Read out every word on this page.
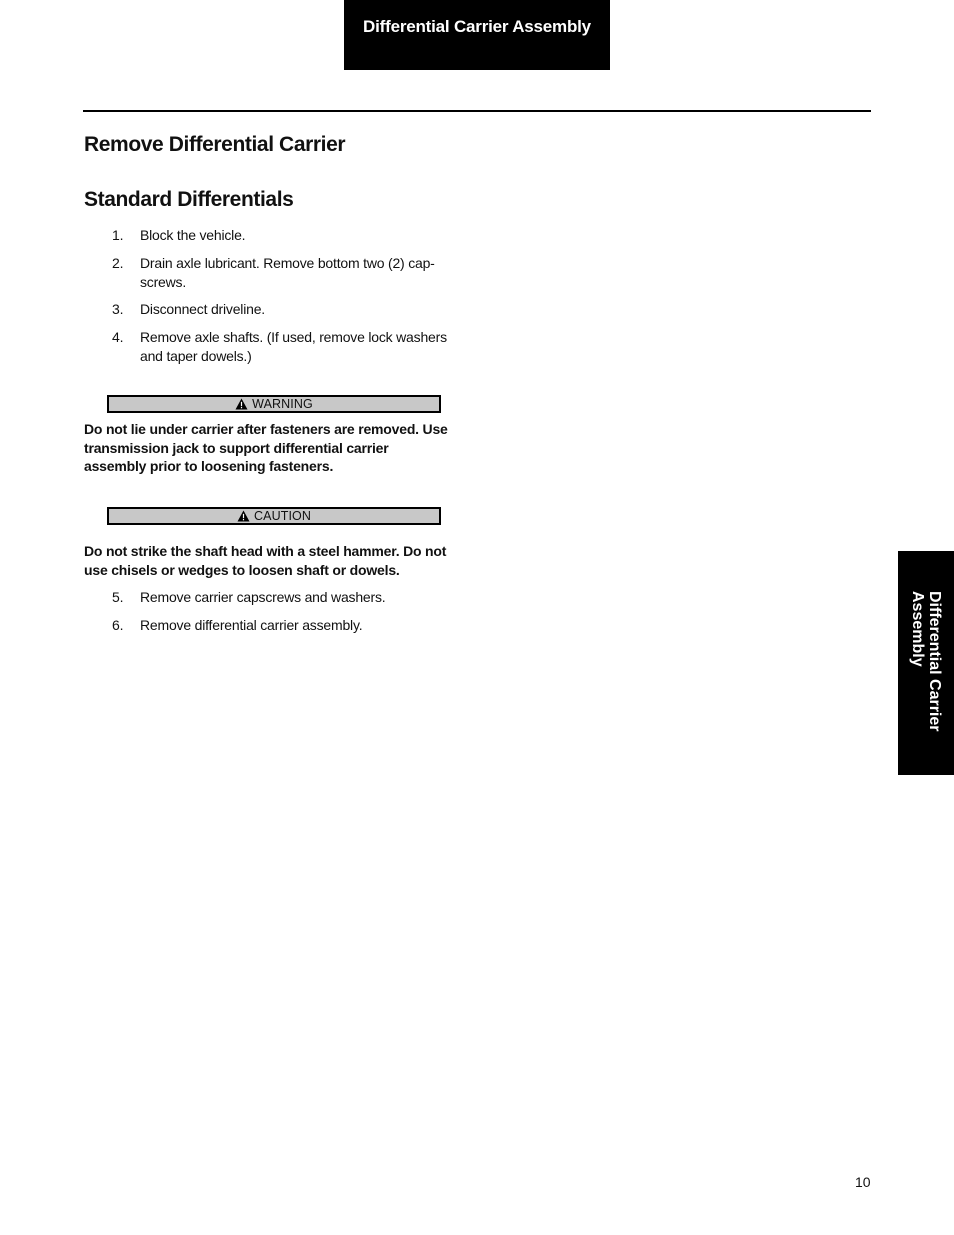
Differential Carrier Assembly
Remove Differential Carrier
Standard Differentials
1. Block the vehicle.
2. Drain axle lubricant. Remove bottom two (2) cap-screws.
3. Disconnect driveline.
4. Remove axle shafts. (If used, remove lock washers and taper dowels.)
WARNING

Do not lie under carrier after fasteners are removed. Use transmission jack to support differential carrier assembly prior to loosening fasteners.

CAUTION

Do not strike the shaft head with a steel hammer. Do not use chisels or wedges to loosen shaft or dowels.

5. Remove carrier capscrews and washers.
6. Remove differential carrier assembly.	Differential Carrier Assembly
10
